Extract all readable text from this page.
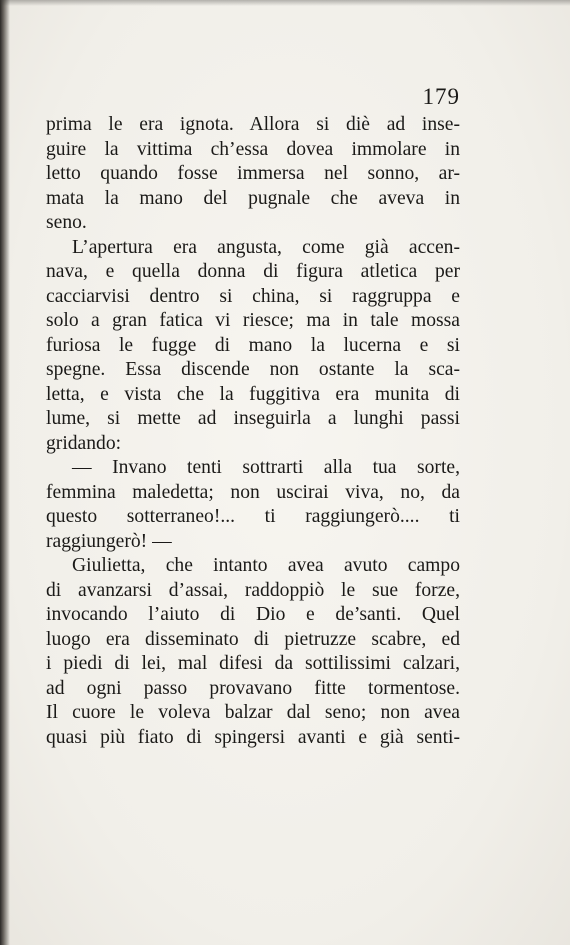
179
prima le era ignota. Allora si diè ad inse-
guire la vittima ch’essa dovea immolare in
letto quando fosse immersa nel sonno, ar-
mata la mano del pugnale che aveva in
seno.
L’apertura era angusta, come già accen-
nava, e quella donna di figura atletica per
cacciarvisi dentro si china, si raggruppa e
solo a gran fatica vi riesce; ma in tale mossa
furiosa le fugge di mano la lucerna e si
spegne. Essa discende non ostante la sca-
letta, e vista che la fuggitiva era munita di
lume, si mette ad inseguirla a lunghi passi
gridando:
— Invano tenti sottrarti alla tua sorte,
femmina maledetta; non uscirai viva, no, da
questo sotterraneo!... ti raggiungerò.... ti
raggiungerò! —
Giulietta, che intanto avea avuto campo
di avanzarsi d’assai, raddoppiò le sue forze,
invocando l’aiuto di Dio e de’santi. Quel
luogo era disseminato di pietruzze scabre, ed
i piedi di lei, mal difesi da sottilissimi calzari,
ad ogni passo provavano fitte tormentose.
Il cuore le voleva balzar dal seno; non avea
quasi più fiato di spingersi avanti e già senti-
